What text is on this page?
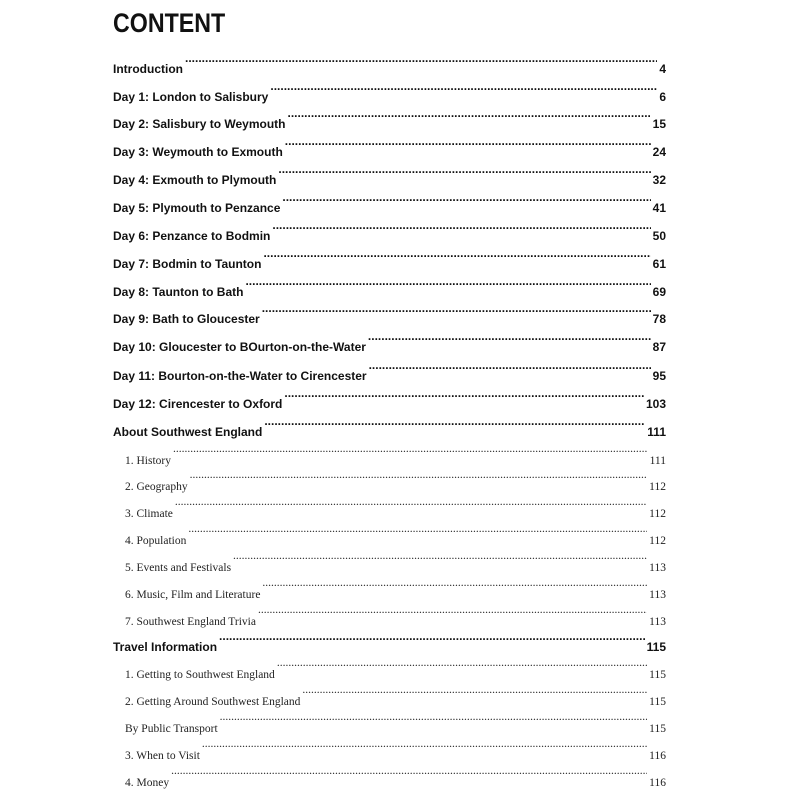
CONTENT
Introduction .....	4
Day 1: London to Salisbury .....	6
Day 2: Salisbury to Weymouth .....	15
Day 3: Weymouth to Exmouth .....	24
Day 4: Exmouth to Plymouth .....	32
Day 5: Plymouth to Penzance .....	41
Day 6: Penzance to Bodmin .....	50
Day 7: Bodmin to Taunton .....	61
Day 8: Taunton to Bath .....	69
Day 9: Bath to Gloucester .....	78
Day 10: Gloucester to BOurton-on-the-Water .....	87
Day 11: Bourton-on-the-Water to Cirencester .....	95
Day 12: Cirencester to Oxford .....	103
About Southwest England .....	111
1. History .....	111
2. Geography .....	112
3. Climate .....	112
4. Population .....	112
5. Events and Festivals .....	113
6. Music, Film and Literature .....	113
7. Southwest England Trivia .....	113
Travel Information .....	115
1. Getting to Southwest England .....	115
2. Getting Around Southwest England .....	115
By Public Transport .....	115
3. When to Visit .....	116
4. Money .....	116
